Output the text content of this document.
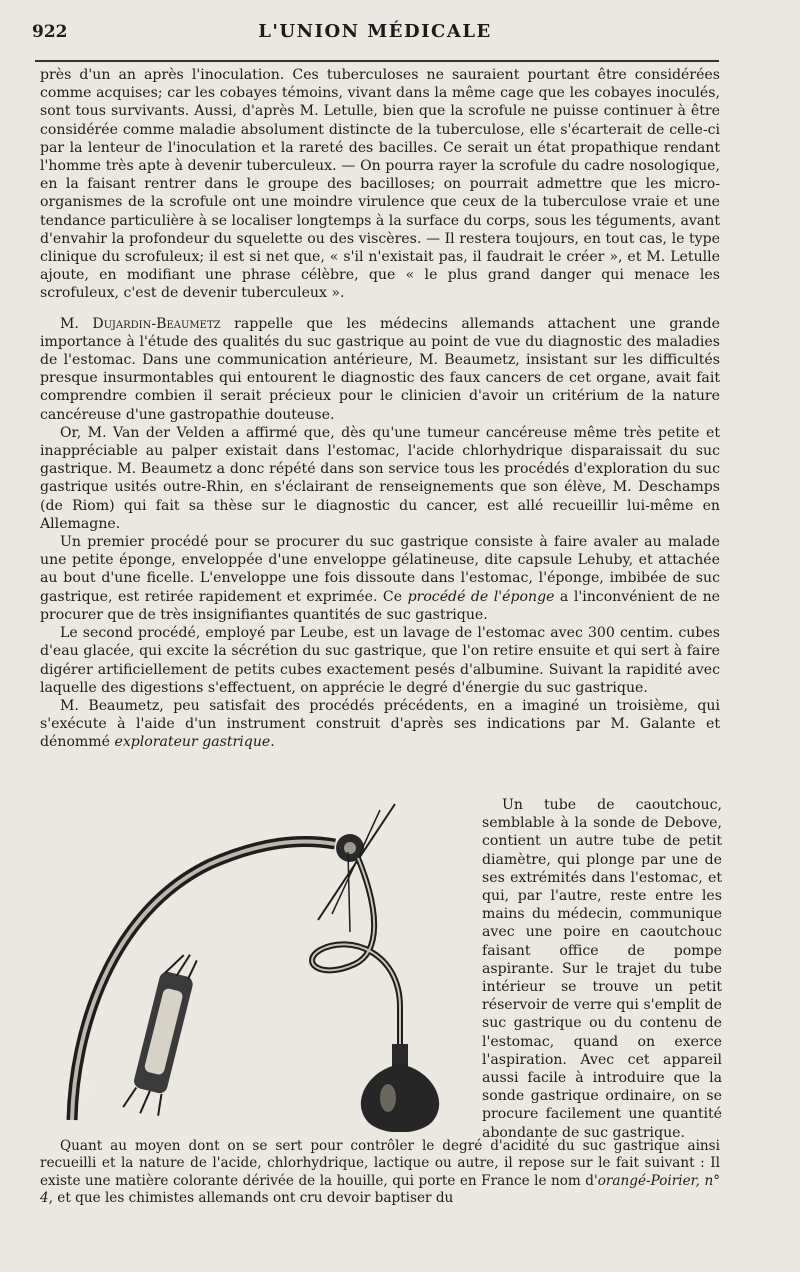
922	L'UNION MÉDICALE

près d'un an après l'inoculation. Ces tuberculoses ne sauraient pourtant être considérées comme acquises; car les cobayes témoins, vivant dans la même cage que les cobayes inoculés, sont tous survivants. Aussi, d'après M. Letulle, bien que la scrofule ne puisse continuer à être considérée comme maladie absolument distincte de la tuberculose, elle s'écarterait de celle-ci par la lenteur de l'inoculation et la rareté des bacilles. Ce serait un état propathique rendant l'homme très apte à devenir tuberculeux. — On pourra rayer la scrofule du cadre nosologique, en la faisant rentrer dans le groupe des bacilloses; on pourrait admettre que les micro-organismes de la scrofule ont une moindre virulence que ceux de la tuberculose vraie et une tendance particulière à se localiser longtemps à la surface du corps, sous les téguments, avant d'envahir la profondeur du squelette ou des viscères. — Il restera toujours, en tout cas, le type clinique du scrofuleux; il est si net que, « s'il n'existait pas, il faudrait le créer », et M. Letulle ajoute, en modifiant une phrase célèbre, que « le plus grand danger qui menace les scrofuleux, c'est de devenir tuberculeux ».

M. Dujardin-Beaumetz rappelle que les médecins allemands attachent une grande importance à l'étude des qualités du suc gastrique au point de vue du diagnostic des maladies de l'estomac. Dans une communication antérieure, M. Beaumetz, insistant sur les difficultés presque insurmontables qui entourent le diagnostic des faux cancers de cet organe, avait fait comprendre combien il serait précieux pour le clinicien d'avoir un critérium de la nature cancéreuse d'une gastropathie douteuse.

Or, M. Van der Velden a affirmé que, dès qu'une tumeur cancéreuse même très petite et inappréciable au palper existait dans l'estomac, l'acide chlorhydrique disparaissait du suc gastrique. M. Beaumetz a donc répété dans son service tous les procédés d'exploration du suc gastrique usités outre-Rhin, en s'éclairant de renseignements que son élève, M. Deschamps (de Riom) qui fait sa thèse sur le diagnostic du cancer, est allé recueillir lui-même en Allemagne.

Un premier procédé pour se procurer du suc gastrique consiste à faire avaler au malade une petite éponge, enveloppée d'une enveloppe gélatineuse, dite capsule Lehuby, et attachée au bout d'une ficelle. L'enveloppe une fois dissoute dans l'estomac, l'éponge, imbibée de suc gastrique, est retirée rapidement et exprimée. Ce procédé de l'éponge a l'inconvénient de ne procurer que de très insignifiantes quantités de suc gastrique.

Le second procédé, employé par Leube, est un lavage de l'estomac avec 300 centim. cubes d'eau glacée, qui excite la sécrétion du suc gastrique, que l'on retire ensuite et qui sert à faire digérer artificiellement de petits cubes exactement pesés d'albumine. Suivant la rapidité avec laquelle des digestions s'effectuent, on apprécie le degré d'énergie du suc gastrique.

M. Beaumetz, peu satisfait des procédés précédents, en a imaginé un troisième, qui s'exécute à l'aide d'un instrument construit d'après ses indications par M. Galante et dénommé explorateur gastrique.

V. Pille

Un tube de caoutchouc, semblable à la sonde de Debove, contient un autre tube de petit diamètre, qui plonge par une de ses extrémités dans l'estomac, et qui, par l'autre, reste entre les mains du médecin, communique avec une poire en caoutchouc faisant office de pompe aspirante. Sur le trajet du tube intérieur se trouve un petit réservoir de verre qui s'emplit de suc gastrique ou du contenu de l'estomac, quand on exerce l'aspiration. Avec cet appareil aussi facile à introduire que la sonde gastrique ordinaire, on se procure facilement une quantité abondante de suc gastrique.

Quant au moyen dont on se sert pour contrôler le degré d'acidité du suc gastrique ainsi recueilli et la nature de l'acide, chlorhydrique, lactique ou autre, il repose sur le fait suivant : Il existe une matière colorante dérivée de la houille, qui porte en France le nom d'orangé-Poirier, n° 4, et que les chimistes allemands ont cru devoir baptiser du
